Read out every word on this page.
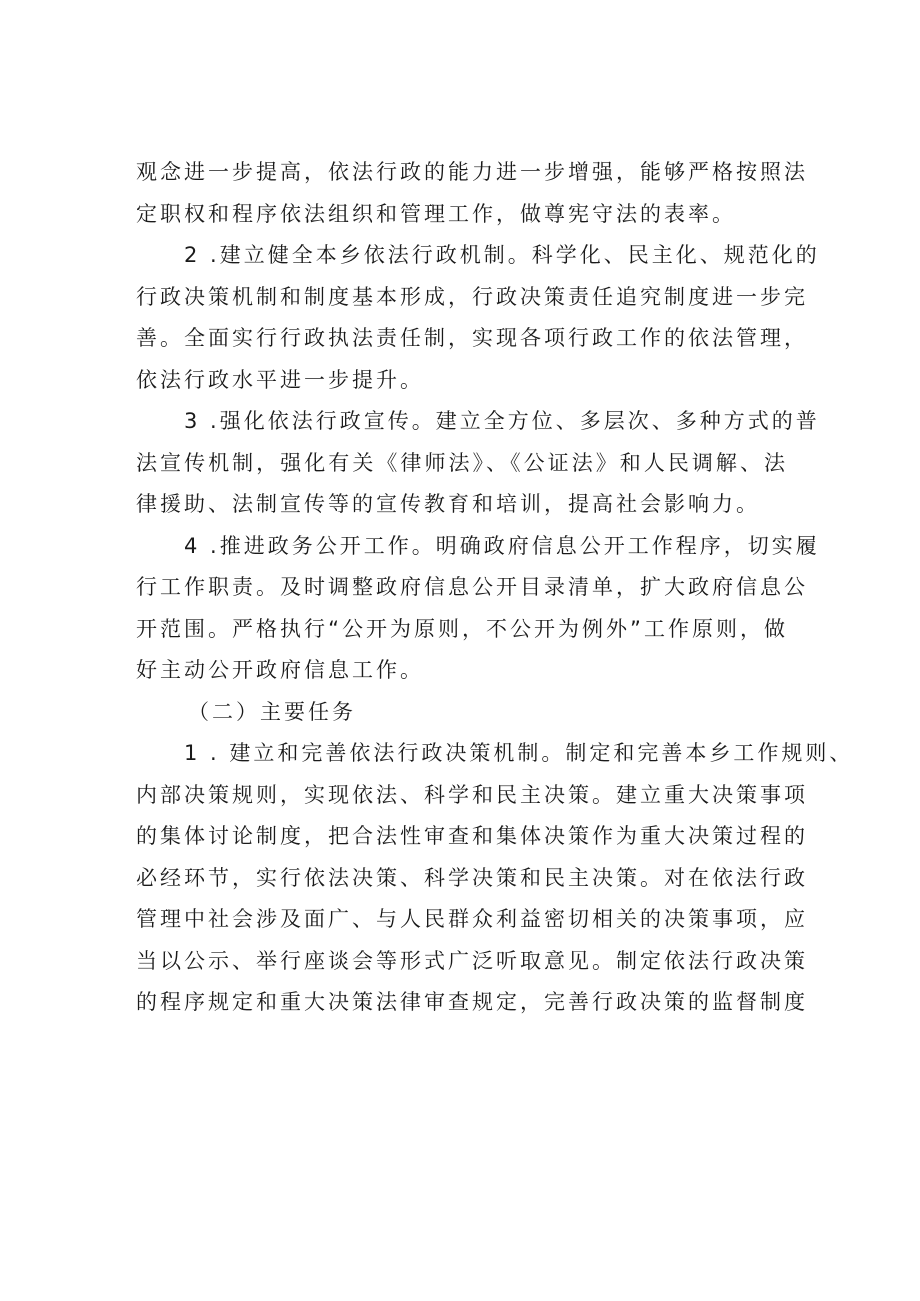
观念进一步提高，依法行政的能力进一步增强，能够严格按照法
定职权和程序依法组织和管理工作，做尊宪守法的表率。
2 .建立健全本乡依法行政机制。科学化、民主化、规范化的
行政决策机制和制度基本形成，行政决策责任追究制度进一步完
善。全面实行行政执法责任制，实现各项行政工作的依法管理，
依法行政水平进一步提升。
3 .强化依法行政宣传。建立全方位、多层次、多种方式的普
法宣传机制，强化有关《律师法》、《公证法》和人民调解、法
律援助、法制宣传等的宣传教育和培训，提高社会影响力。
4 .推进政务公开工作。明确政府信息公开工作程序，切实履
行工作职责。及时调整政府信息公开目录清单，扩大政府信息公
开范围。严格执行“公开为原则，不公开为例外”工作原则，做
好主动公开政府信息工作。
（二）主要任务
1 . 建立和完善依法行政决策机制。制定和完善本乡工作规则、
内部决策规则，实现依法、科学和民主决策。建立重大决策事项
的集体讨论制度，把合法性审查和集体决策作为重大决策过程的
必经环节，实行依法决策、科学决策和民主决策。对在依法行政
管理中社会涉及面广、与人民群众利益密切相关的决策事项，应
当以公示、举行座谈会等形式广泛听取意见。制定依法行政决策
的程序规定和重大决策法律审查规定，完善行政决策的监督制度
